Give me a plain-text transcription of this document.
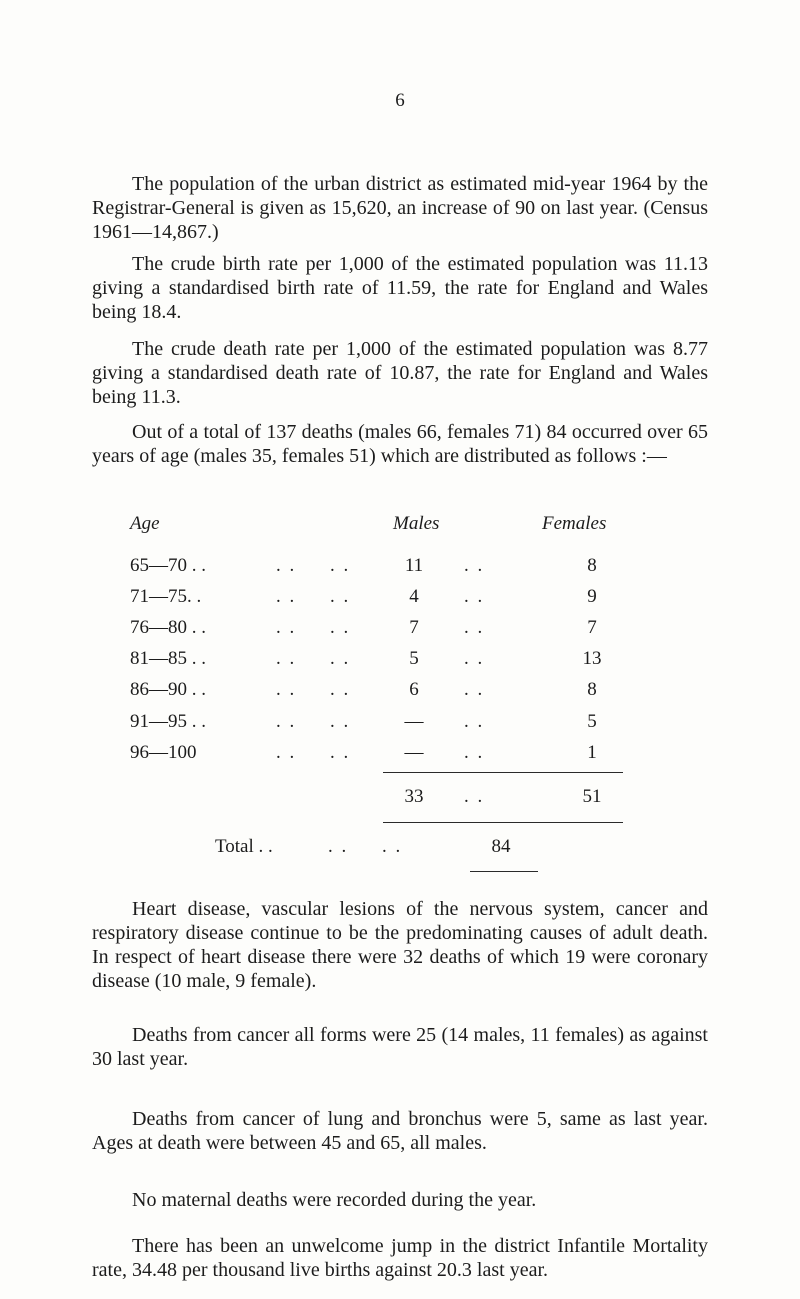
6

The population of the urban district as estimated mid-year 1964 by the Registrar-General is given as 15,620, an increase of 90 on last year. (Census 1961—14,867.)

The crude birth rate per 1,000 of the estimated population was 11.13 giving a standardised birth rate of 11.59, the rate for England and Wales being 18.4.

The crude death rate per 1,000 of the estimated population was 8.77 giving a standardised death rate of 10.87, the rate for England and Wales being 11.3.

Out of a total of 137 deaths (males 66, females 71) 84 occurred over 65 years of age (males 35, females 51) which are distributed as follows :—

Age	Males	Females
65—70 . .	. .     . .	11	. .	8
71—75. .	. .     . .	4	. .	9
76—80 . .	. .     . .	7	. .	7
81—85 . .	. .     . .	5	. .	13
86—90 . .	. .     . .	6	. .	8
91—95 . .	. .     . .	—	. .	5
96—100	. .     . .	—	. .	1
33	. .	51
Total . .	. .     . .	84

Heart disease, vascular lesions of the nervous system, cancer and respiratory disease continue to be the predominating causes of adult death. In respect of heart disease there were 32 deaths of which 19 were coronary disease (10 male, 9 female).

Deaths from cancer all forms were 25 (14 males, 11 females) as against 30 last year.

Deaths from cancer of lung and bronchus were 5, same as last year. Ages at death were between 45 and 65, all males.

No maternal deaths were recorded during the year.

There has been an unwelcome jump in the district Infantile Mortality rate, 34.48 per thousand live births against 20.3 last year.
